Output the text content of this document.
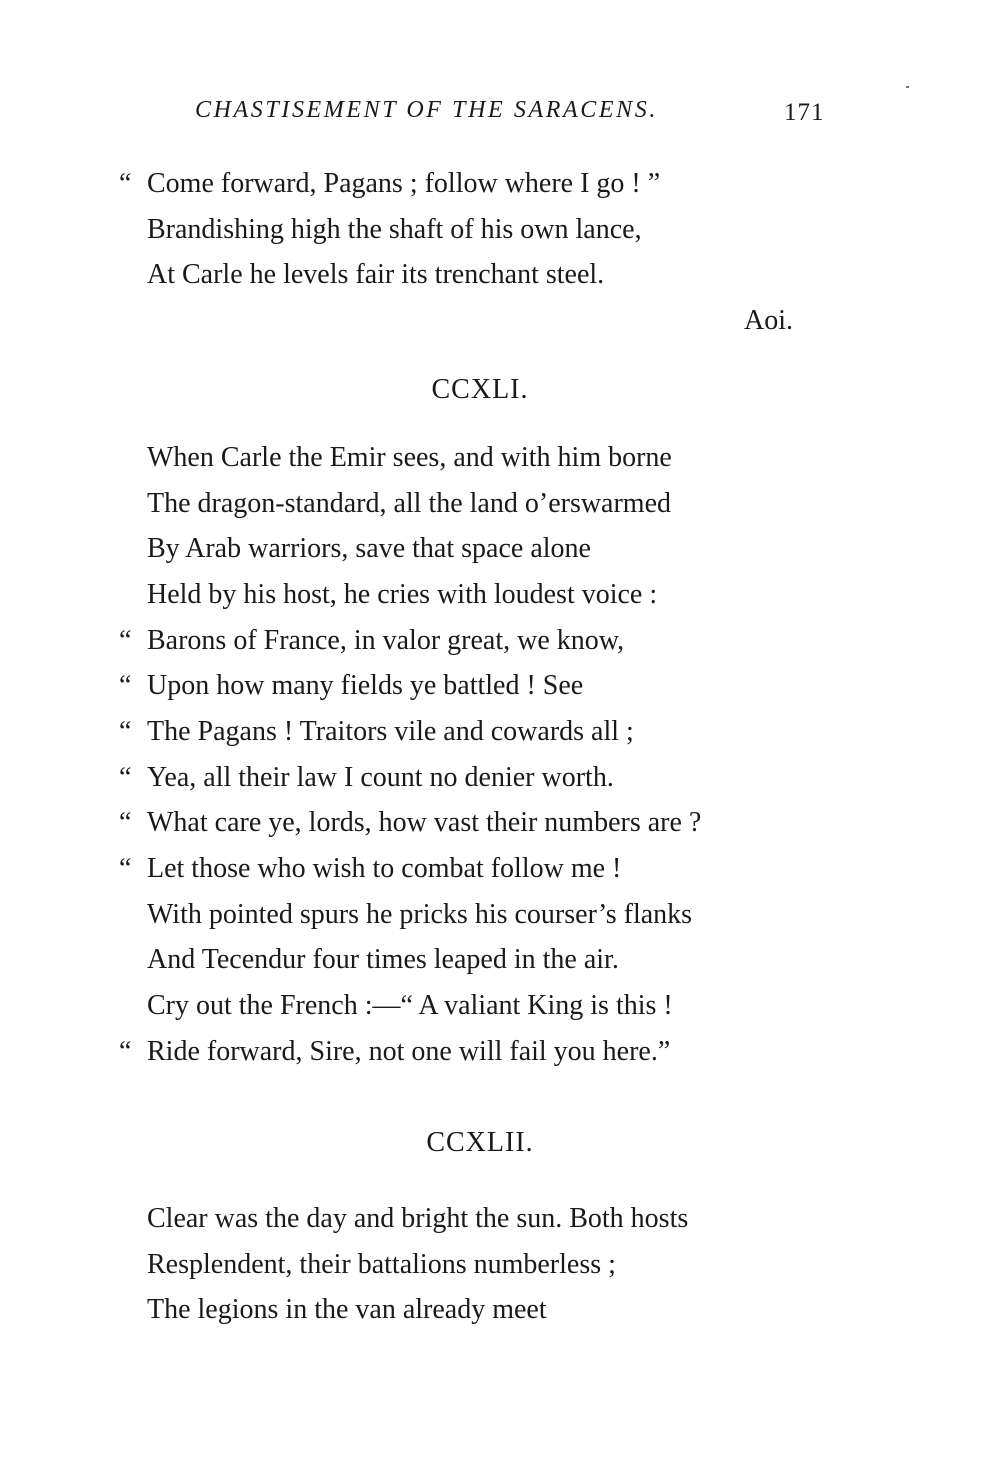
CHASTISEMENT OF THE SARACENS.	171
“ Come forward, Pagans ; follow where I go ! ”
Brandishing high the shaft of his own lance,
At Carle he levels fair its trenchant steel.
Aoi.
CCXLI.
When Carle the Emir sees, and with him borne
The dragon-standard, all the land o’erswarmed
By Arab warriors, save that space alone
Held by his host, he cries with loudest voice :
“ Barons of France, in valor great, we know,
“ Upon how many fields ye battled ! See
“ The Pagans ! Traitors vile and cowards all ;
“ Yea, all their law I count no denier worth.
“ What care ye, lords, how vast their numbers are ?
“ Let those who wish to combat follow me !
With pointed spurs he pricks his courser’s flanks
And Tecendur four times leaped in the air.
Cry out the French :—“ A valiant King is this !
“ Ride forward, Sire, not one will fail you here.”
CCXLII.
Clear was the day and bright the sun. Both hosts
Resplendent, their battalions numberless ;
The legions in the van already meet
